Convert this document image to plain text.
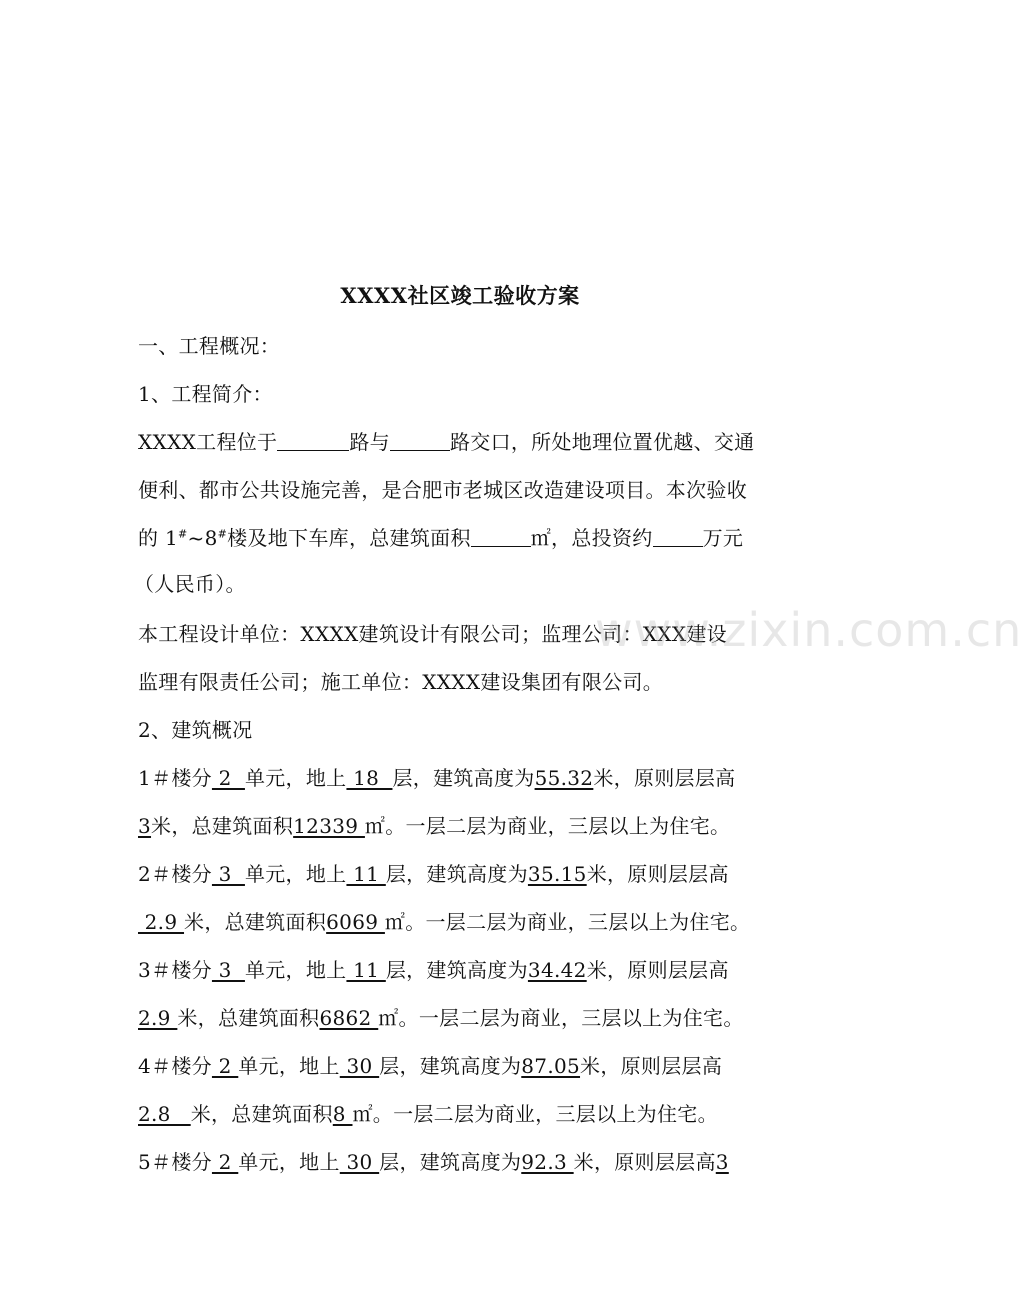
XXXX社区竣工验收方案
一、工程概况：
1、工程简介：
XXXX工程位于	路与	路交口，所处地理位置优越、交通
便利、都市公共设施完善，是合肥市老城区改造建设项目。本次验收
的 1#~8#楼及地下车库，总建筑面积	㎡，总投资约	万元
（人民币）。
本工程设计单位：XXXX建筑设计有限公司；监理公司：XXX建设
监理有限责任公司；施工单位：XXXX建设集团有限公司。
2、建筑概况
1＃楼分 2  单元，地上 18  层，建筑高度为55.32米，原则层层高
3米，总建筑面积12339 ㎡。一层二层为商业，三层以上为住宅。
2＃楼分 3  单元，地上 11 层，建筑高度为35.15米，原则层层高
2.9 米，总建筑面积6069 ㎡。一层二层为商业，三层以上为住宅。
3＃楼分 3  单元，地上 11 层，建筑高度为34.42米，原则层层高
2.9 米，总建筑面积6862 ㎡。一层二层为商业，三层以上为住宅。
4＃楼分 2 单元，地上 30 层，建筑高度为87.05米，原则层层高
2.8   米，总建筑面积8 ㎡。一层二层为商业，三层以上为住宅。
5＃楼分 2 单元，地上 30 层，建筑高度为92.3 米，原则层层高3
www.zixin.com.cn
